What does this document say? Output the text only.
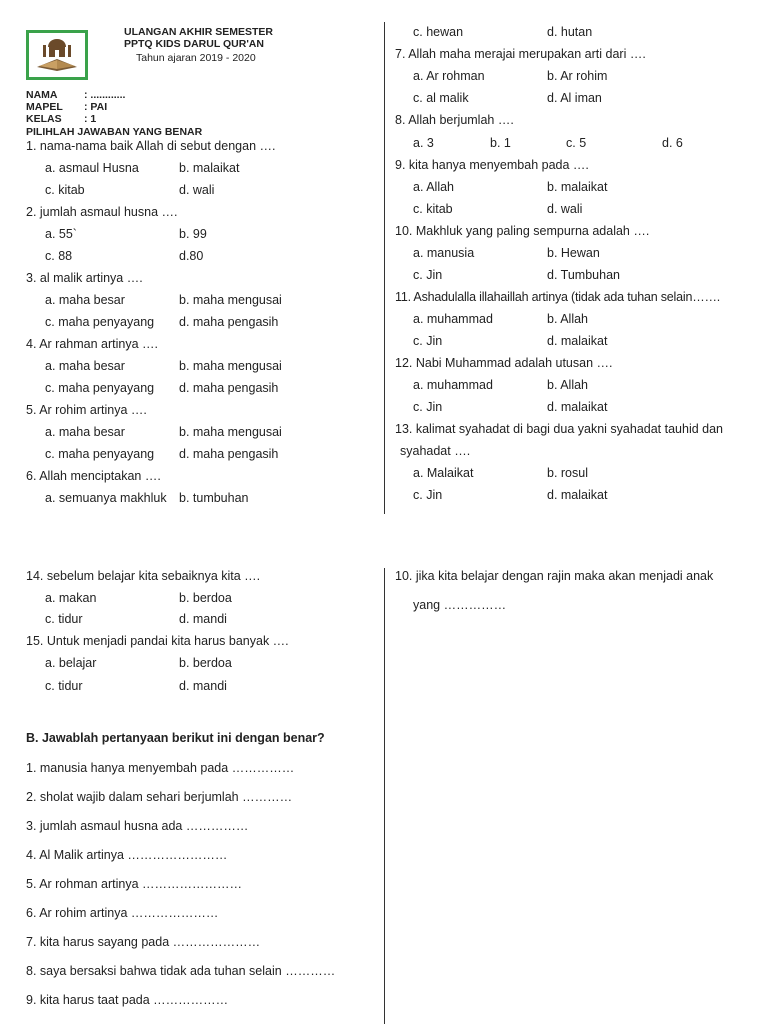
ULANGAN AKHIR SEMESTER
PPTQ KIDS DARUL QUR'AN
Tahun ajaran 2019 - 2020
NAMA	: ............
MAPEL : PAI
KELAS : 1
PILIHLAH JAWABAN YANG BENAR
1. nama-nama baik Allah di sebut dengan ….
a. asmaul Husna	b. malaikat
c. kitab	d. wali
2. jumlah asmaul husna ….
a. 55`	b. 99
c. 88	d.80
3. al malik artinya ….
a. maha besar	b. maha mengusai
c. maha penyayang d. maha pengasih
4. Ar rahman artinya ….
a. maha besar	b. maha mengusai
c. maha penyayang d. maha pengasih
5. Ar rohim artinya ….
a. maha besar	b. maha mengusai
c. maha penyayang d. maha pengasih
6. Allah menciptakan ….
a. semuanya makhluk b. tumbuhan
c. hewan	d. hutan
7. Allah maha merajai merupakan arti dari ….
a. Ar rohman	b. Ar rohim
c. al malik	d. Al iman
8. Allah berjumlah ….
a. 3	b. 1	c. 5	d. 6
9. kita hanya menyembah pada ….
a. Allah	b. malaikat
c. kitab	d. wali
10. Makhluk yang paling sempurna adalah ….
a. manusia	b. Hewan
c. Jin	d. Tumbuhan
11. Ashadulalla illahaillah artinya (tidak ada tuhan selain…….
a. muhammad	b. Allah
c. Jin	d. malaikat
12. Nabi Muhammad adalah utusan ….
a. muhammad	b. Allah
c. Jin	d. malaikat
13. kalimat syahadat di bagi dua yakni syahadat tauhid dan
syahadat ….
a. Malaikat	b. rosul
c. Jin	d. malaikat
14. sebelum belajar kita sebaiknya kita ….
a. makan	b. berdoa
c. tidur	d. mandi
15. Untuk menjadi pandai kita harus banyak ….
a. belajar	b. berdoa
c. tidur	d. mandi
B. Jawablah pertanyaan berikut ini dengan benar?
1. manusia hanya menyembah pada ……………
2. sholat wajib dalam sehari berjumlah …………
3. jumlah asmaul husna ada ……………
4. Al Malik artinya ……………………
5. Ar rohman artinya ……………………
6. Ar rohim artinya …………………
7. kita harus sayang pada …………………
8. saya bersaksi bahwa tidak ada tuhan selain …………
9. kita harus taat pada ………………
10. jika kita belajar dengan rajin maka akan menjadi anak
yang ……………
